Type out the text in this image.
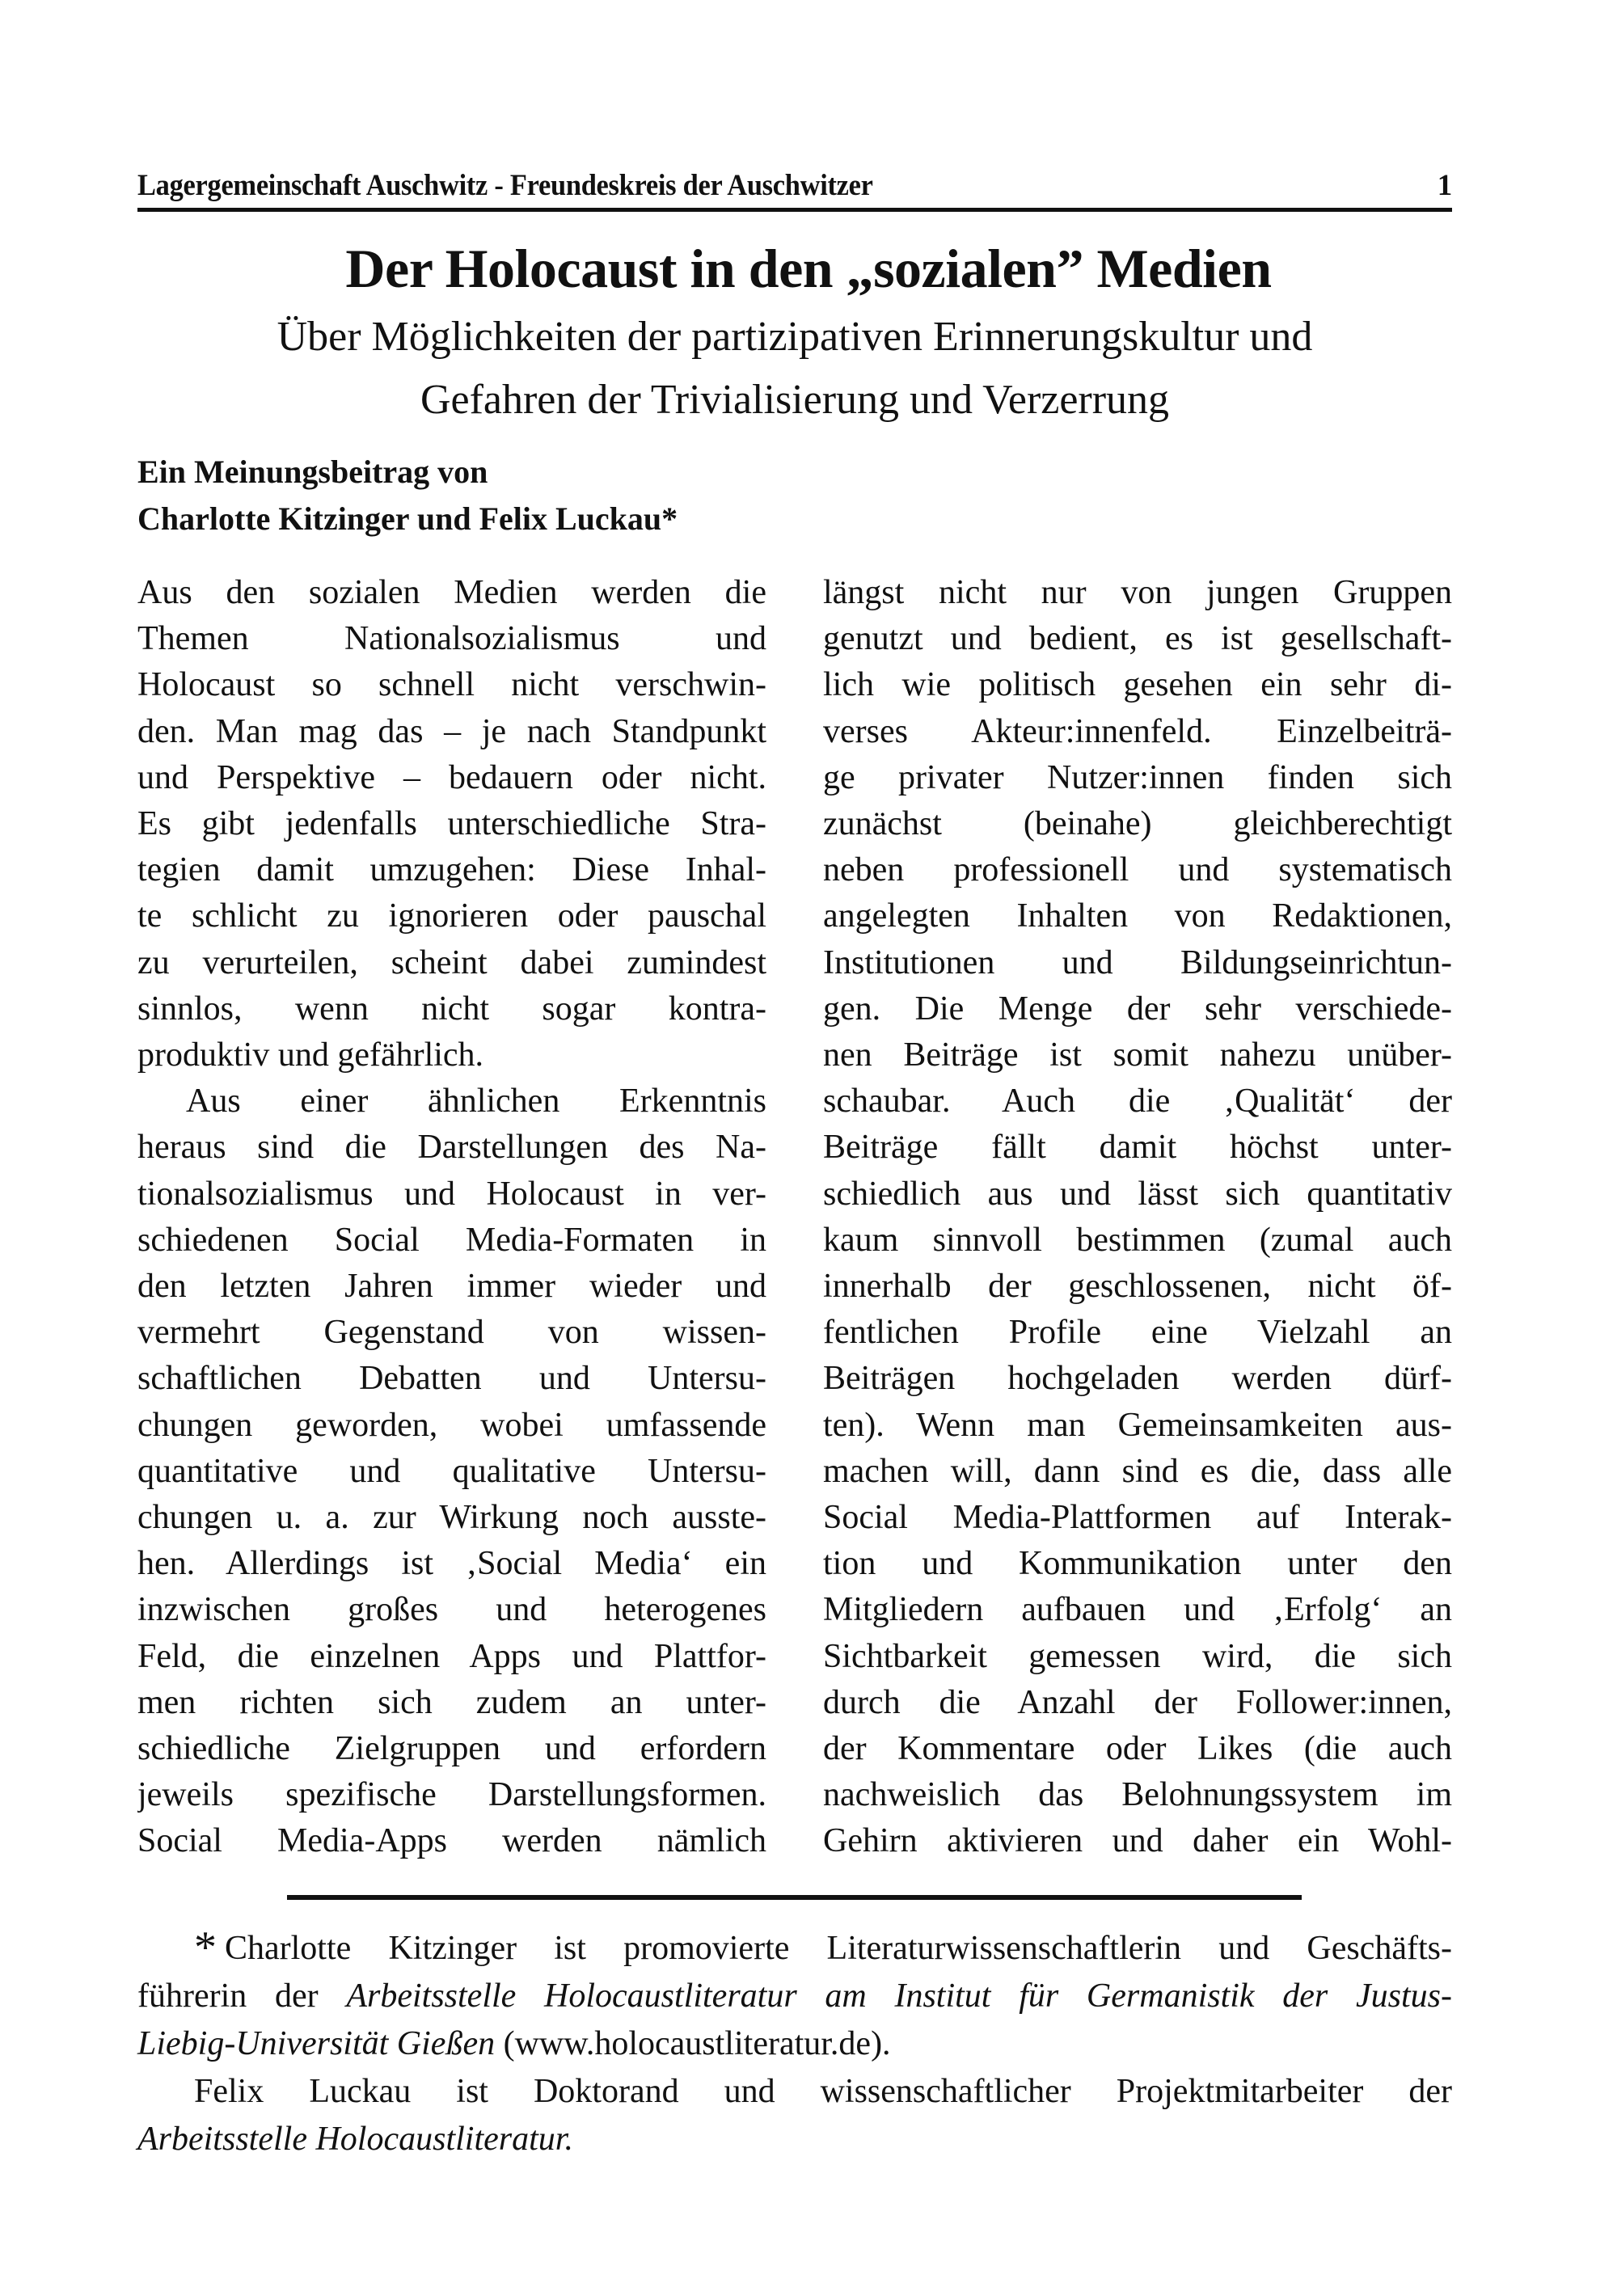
Lagergemeinschaft Auschwitz - Freundeskreis der Auschwitzer	1
Der Holocaust in den „sozialen” Medien
Über Möglichkeiten der partizipativen Erinnerungskultur und
Gefahren der Trivialisierung und Verzerrung
Ein Meinungsbeitrag von
Charlotte Kitzinger und Felix Luckau*

Aus den sozialen Medien werden die
Themen Nationalsozialismus und
Holocaust so schnell nicht verschwin-
den. Man mag das – je nach Standpunkt
und Perspektive – bedauern oder nicht.
Es gibt jedenfalls unterschiedliche Stra-
tegien damit umzugehen: Diese Inhal-
te schlicht zu ignorieren oder pauschal
zu verurteilen, scheint dabei zumindest
sinnlos, wenn nicht sogar kontra-
produktiv und gefährlich.

Aus einer ähnlichen Erkenntnis
heraus sind die Darstellungen des Na-
tionalsozialismus und Holocaust in ver-
schiedenen Social Media-Formaten in
den letzten Jahren immer wieder und
vermehrt Gegenstand von wissen-
schaftlichen Debatten und Untersu-
chungen geworden, wobei umfassende
quantitative und qualitative Untersu-
chungen u. a. zur Wirkung noch ausste-
hen. Allerdings ist ‚Social Media‘ ein
inzwischen großes und heterogenes
Feld, die einzelnen Apps und Plattfor-
men richten sich zudem an unter-
schiedliche Zielgruppen und erfordern
jeweils spezifische Darstellungsformen.
Social Media-Apps werden nämlich

längst nicht nur von jungen Gruppen
genutzt und bedient, es ist gesellschaft-
lich wie politisch gesehen ein sehr di-
verses Akteur:innenfeld. Einzelbeiträ-
ge privater Nutzer:innen finden sich
zunächst (beinahe) gleichberechtigt
neben professionell und systematisch
angelegten Inhalten von Redaktionen,
Institutionen und Bildungseinrichtun-
gen. Die Menge der sehr verschiede-
nen Beiträge ist somit nahezu unüber-
schaubar. Auch die ‚Qualität‘ der
Beiträge fällt damit höchst unter-
schiedlich aus und lässt sich quantitativ
kaum sinnvoll bestimmen (zumal auch
innerhalb der geschlossenen, nicht öf-
fentlichen Profile eine Vielzahl an
Beiträgen hochgeladen werden dürf-
ten). Wenn man Gemeinsamkeiten aus-
machen will, dann sind es die, dass alle
Social Media-Plattformen auf Interak-
tion und Kommunikation unter den
Mitgliedern aufbauen und ‚Erfolg‘ an
Sichtbarkeit gemessen wird, die sich
durch die Anzahl der Follower:innen,
der Kommentare oder Likes (die auch
nachweislich das Belohnungssystem im
Gehirn aktivieren und daher ein Wohl-

* Charlotte Kitzinger ist promovierte Literaturwissenschaftlerin und Geschäfts-
führerin der Arbeitsstelle Holocaustliteratur am Institut für Germanistik der Justus-
Liebig-Universität Gießen (www.holocaustliteratur.de).
Felix Luckau ist Doktorand und wissenschaftlicher Projektmitarbeiter der
Arbeitsstelle Holocaustliteratur.
